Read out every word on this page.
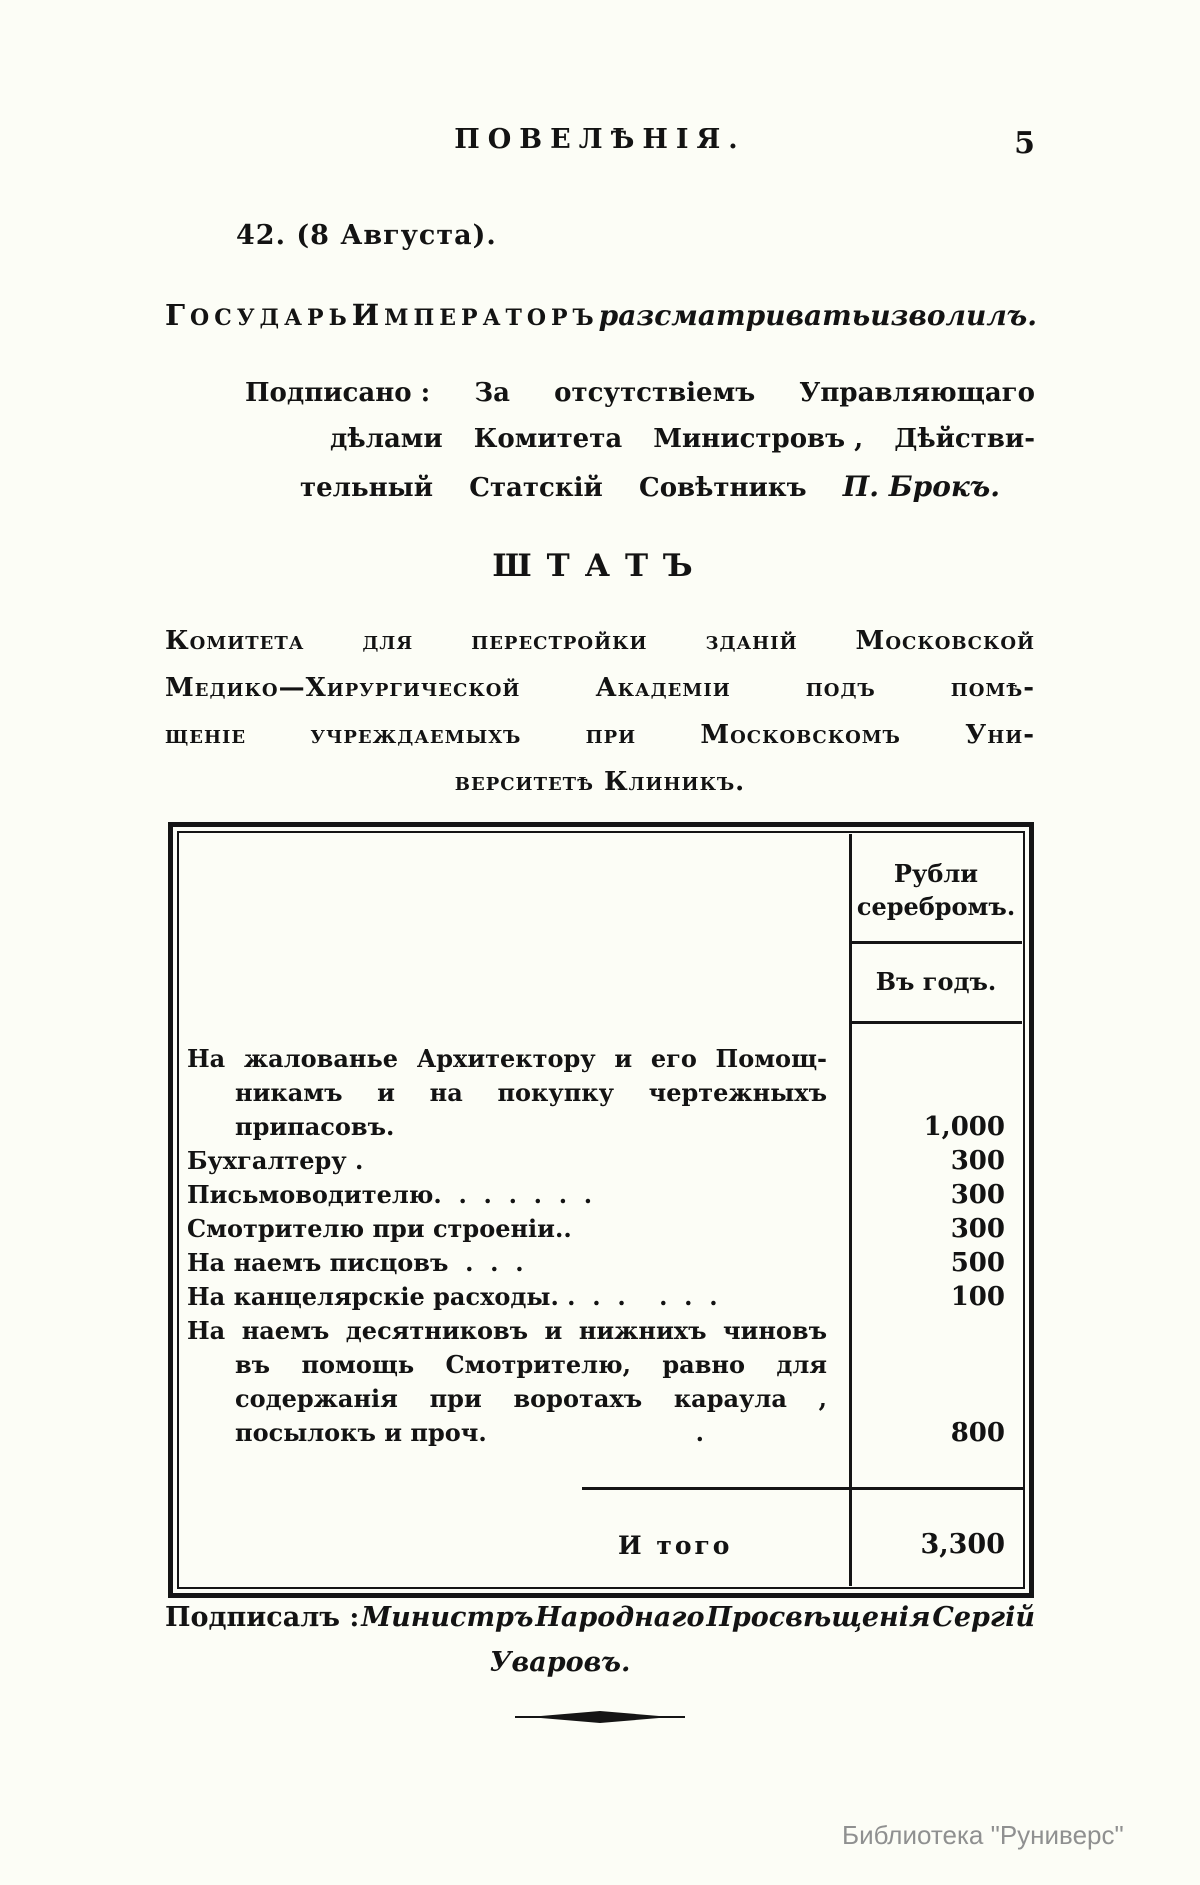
ПОВЕЛѢНІЯ.	5
42. (8 Августа).
ГОСУДАРЬ ИМПЕРАТОРЪ разсматривать изволилъ.
Подписано : За отсутствіемъ Управляющаго
дѣлами Комитета Министровъ , Дѣйстви-
тельный Статскій Совѣтникъ П. Брокъ.
ШТАТЪ
Комитета для перестройки зданій Московской
Медико—Хирургической Академіи подъ помѣ-
щеніе учреждаемыхъ при Московскомъ Уни-
верситетѣ Клиникъ.
Рубли
серебромъ.
Въ годъ.
На жалованье Архитектору и его Помощ-
никамъ и на покупку чертежныхъ
припасовъ.	1,000
Бухгалтеру .	300
Письмоводителю.  .  .  .  .  .  .	300
Смотрителю при строеніи..	300
На наемъ писцовъ  .  .  .	500
На канцелярскіе расходы. .  .  .    .  .  .	100
На наемъ десятниковъ и нижнихъ чиновъ
въ помощь Смотрителю, равно для
содержанія при воротахъ караула ,
посылокъ и проч.                         .	800
И того	3,300
Подписалъ : Министръ Народнаго Просвѣщенія Сергій
Уваровъ.
Библиотека "Руниверс"
